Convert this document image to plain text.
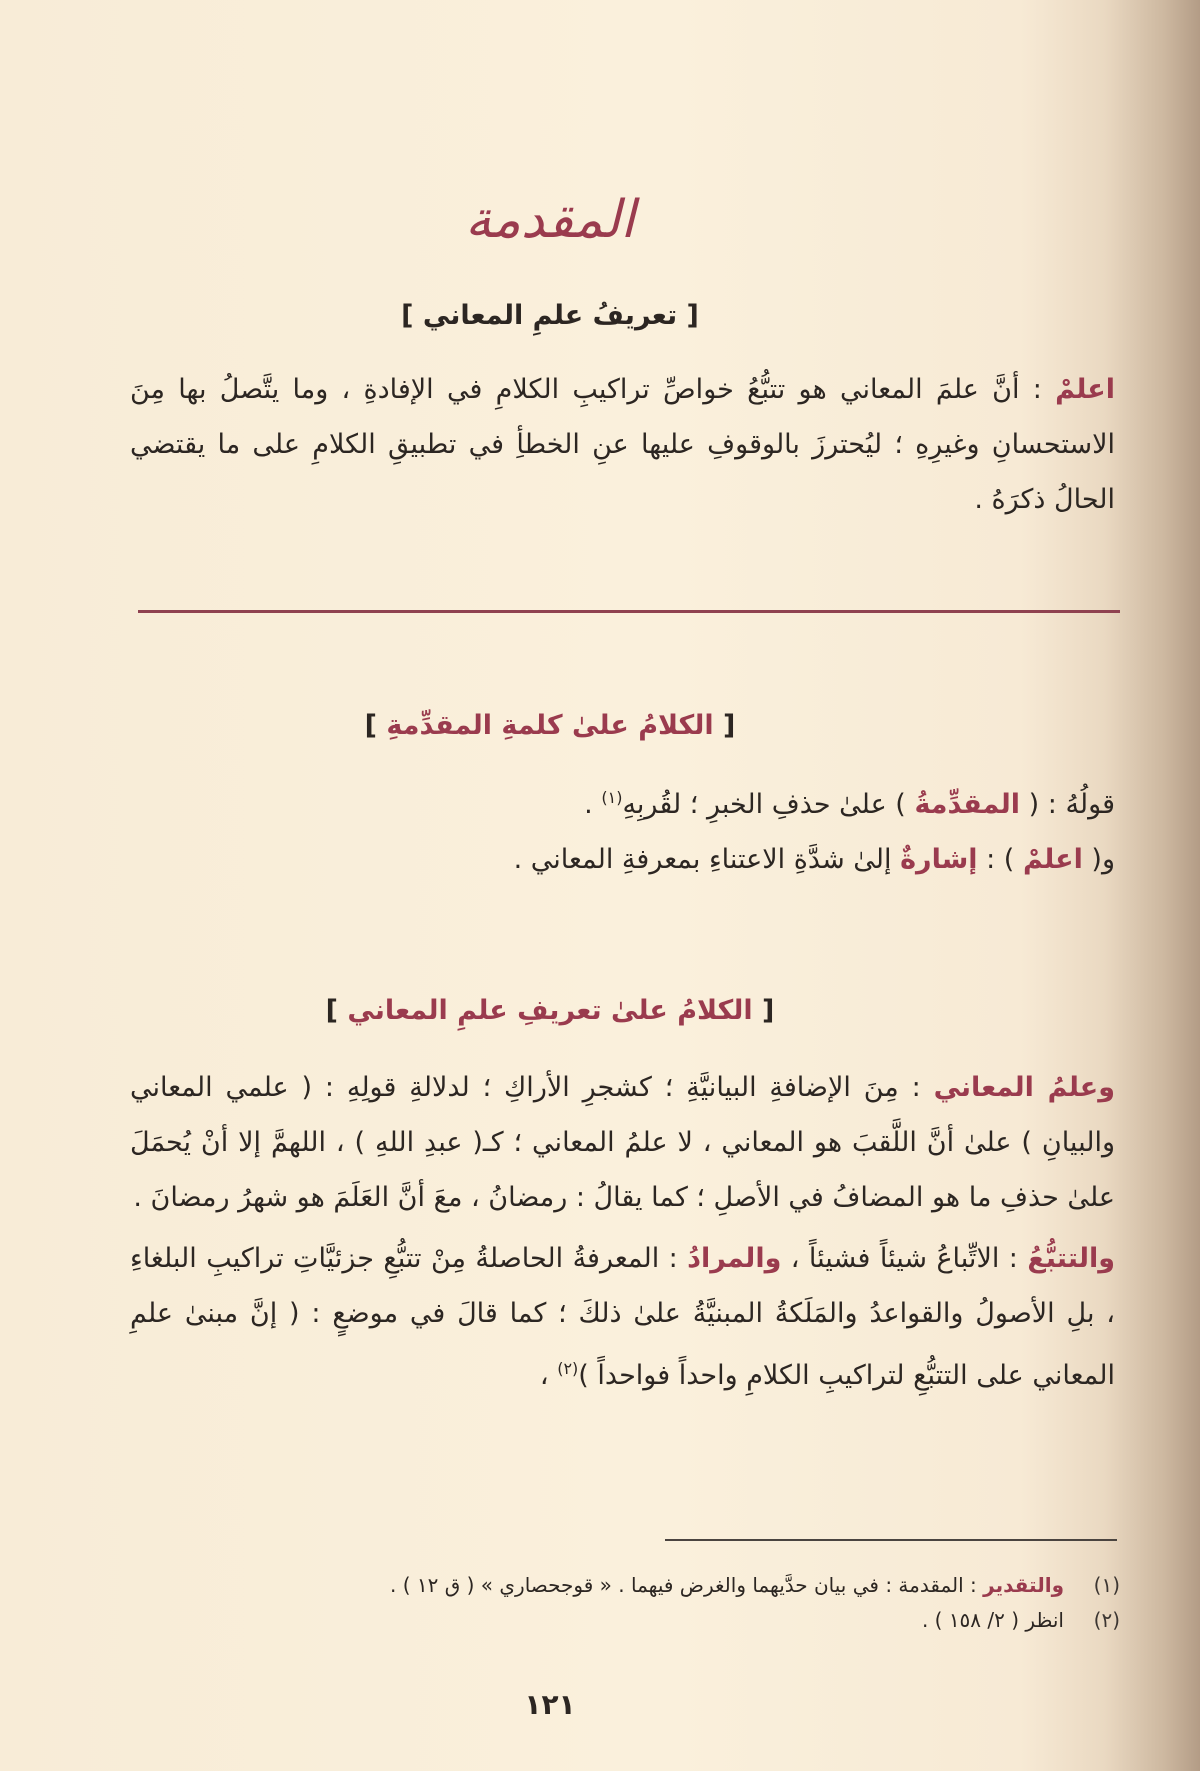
المقدمة
[ تعريفُ علمِ المعاني ]

اعلمْ : أنَّ علمَ المعاني هو تتبُّعُ خواصِّ تراكيبِ الكلامِ في الإفادةِ ، وما يتَّصلُ بها مِنَ الاستحسانِ وغيرِهِ ؛ ليُحترزَ بالوقوفِ عليها عنِ الخطأِ في تطبيقِ الكلامِ على ما يقتضي الحالُ ذكرَهُ .

[ الكلامُ علىٰ كلمةِ المقدِّمةِ ]

قولُهُ : ( المقدِّمةُ ) علىٰ حذفِ الخبرِ ؛ لقُربِهِ$^{(١)}$ .

و( اعلمْ ) : إشارةٌ إلىٰ شدَّةِ الاعتناءِ بمعرفةِ المعاني .

[ الكلامُ علىٰ تعريفِ علمِ المعاني ]

وعلمُ المعاني : مِنَ الإضافةِ البيانيَّةِ ؛ كشجرِ الأراكِ ؛ لدلالةِ قولِهِ : ( علمي المعاني والبيانِ ) علىٰ أنَّ اللَّقبَ هو المعاني ، لا علمُ المعاني ؛ كـ( عبدِ اللهِ ) ، اللهمَّ إلا أنْ يُحمَلَ علىٰ حذفِ ما هو المضافُ في الأصلِ ؛ كما يقالُ : رمضانُ ، معَ أنَّ العَلَمَ هو شهرُ رمضانَ .

والتتبُّعُ : الاتِّباعُ شيئاً فشيئاً ، والمرادُ : المعرفةُ الحاصلةُ مِنْ تتبُّعِ جزئيَّاتِ تراكيبِ البلغاءِ ، بلِ الأصولُ والقواعدُ والمَلَكةُ المبنيَّةُ علىٰ ذلكَ ؛ كما قالَ في موضعٍ : ( إنَّ مبنىٰ علمِ المعاني على التتبُّعِ لتراكيبِ الكلامِ واحداً فواحداً )$^{(٢)}$ ،

(١)
والتقدير : المقدمة : في بيان حدَّيهما والغرض فيهما . « قوجحصاري » ( ق ١٢ ) .
(٢)
انظر ( ٢/ ١٥٨ ) .
١٢١
